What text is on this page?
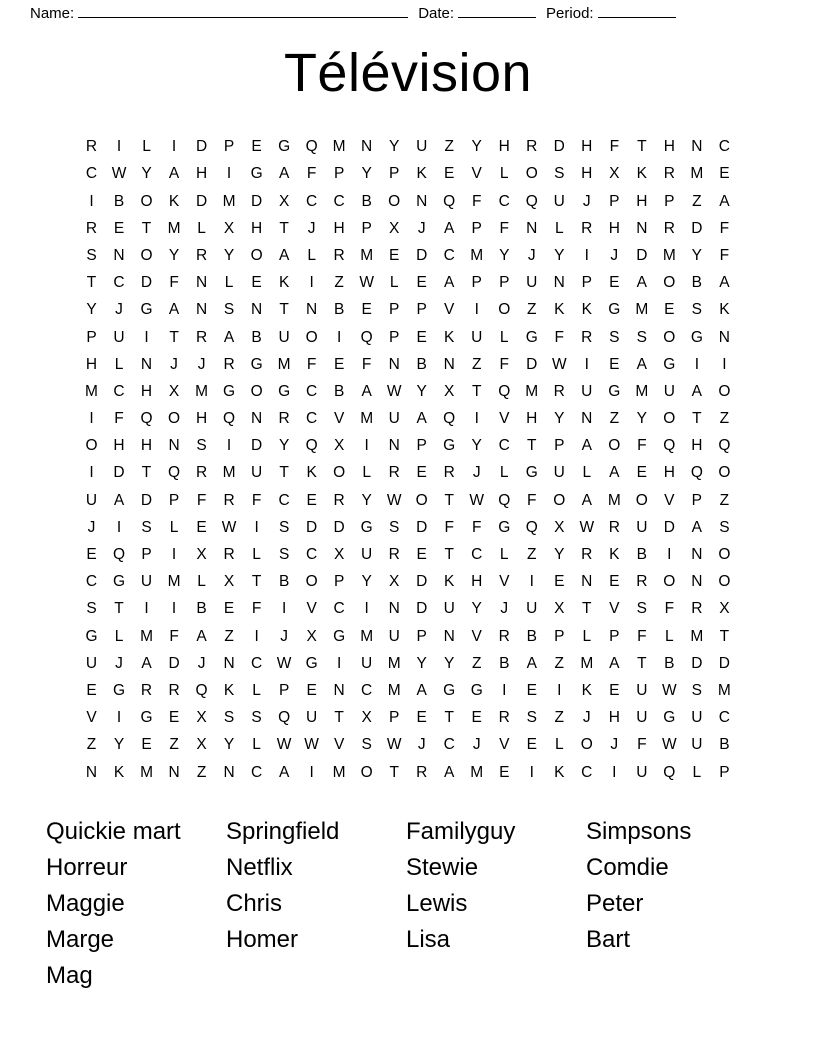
Name:	Date:	Period:
Télévision
R	I	L	I	D	P	E	G Q M N	Y	U	Z	Y	H	R	D	H	F	T	H	N	C
C W Y	A	H	I	G	A	F	P	Y	P	K	E	V	L	O	S	H	X	K	R M	E
I	B	O	K	D M D	X	C	C	B	O	N	Q	F	C	Q	U	J	P	H	P	Z	A
R	E	T	M	L	X	H	T	J	H	P	X	J	A	P	F	N	L	R	H	N	R	D	F
S	N	O	Y	R	Y	O	A	L	R M	E	D	C M	Y	J	Y	I	J	D M	Y	F
T	C	D	F	N	L	E	K	I	Z W	L	E	A	P	P	U	N	P	E	A	O	B	A
Y	J	G	A	N	S	N	T	N	B	E	P	P	V	I	O	Z	K	K	G M	E	S	K
P	U	I	T	R	A	B	U	O	I	Q	P	E	K	U	L	G	F	R	S	S	O G	N
H	L	N	J	J	R	G M	F	E	F	N	B	N	Z	F	D W	I	E	A	G	I	I
M C	H	X	M G O G	C	B	A W Y	X	T	Q M R	U	G M U	A	O
I	F	Q O	H	Q	N	R	C	V	M U	A	Q	I	V	H	Y	N	Z	Y	O	T	Z
O	H	H	N	S	I	D	Y	Q	X	I	N	P	G	Y	C	T	P	A	O	F	Q	H	Q
I	D	T	Q	R M U	T	K	O	L	R	E	R	J	L	G	U	L	A	E	H	Q O
U	A	D	P	F	R	F	C	E	R	Y W O	T W Q	F	O	A	M O	V	P	Z
J	I	S	L	E W	I	S	D	D	G	S	D	F	F	G Q	X W R	U	D	A	S
E	Q	P	I	X	R	L	S	C	X	U	R	E	T	C	L	Z	Y	R	K	B	I	N	O
C	G	U M	L	X	T	B	O	P	Y	X	D	K	H	V	I	E	N	E	R	O	N	O
S	T	I	I	B	E	F	I	V	C	I	N	D	U	Y	J	U	X	T	V	S	F	R	X
G	L	M	F	A	Z	I	J	X	G M U	P	N	V	R	B	P	L	P	F	L	M	T
U	J	A	D	J	N	C W G	I	U M	Y	Y	Z	B	A	Z	M	A	T	B	D	D
E	G	R	R	Q	K	L	P	E	N	C M	A	G G	I	E	I	K	E	U W S	M
V	I	G	E	X	S	S	Q	U	T	X	P	E	T	E	R	S	Z	J	H	U	G	U	C
Z	Y	E	Z	X	Y	L	W W V	S W	J	C	J	V	E	L	O	J	F W U	B
N	K	M N	Z	N	C	A	I	M O	T	R	A	M	E	I	K	C	I	U	Q	L	P
Quickie mart	Springfield	Familyguy	Simpsons
Horreur	Netflix	Stewie	Comdie
Maggie	Chris	Lewis	Peter
Marge	Homer	Lisa	Bart
Mag
